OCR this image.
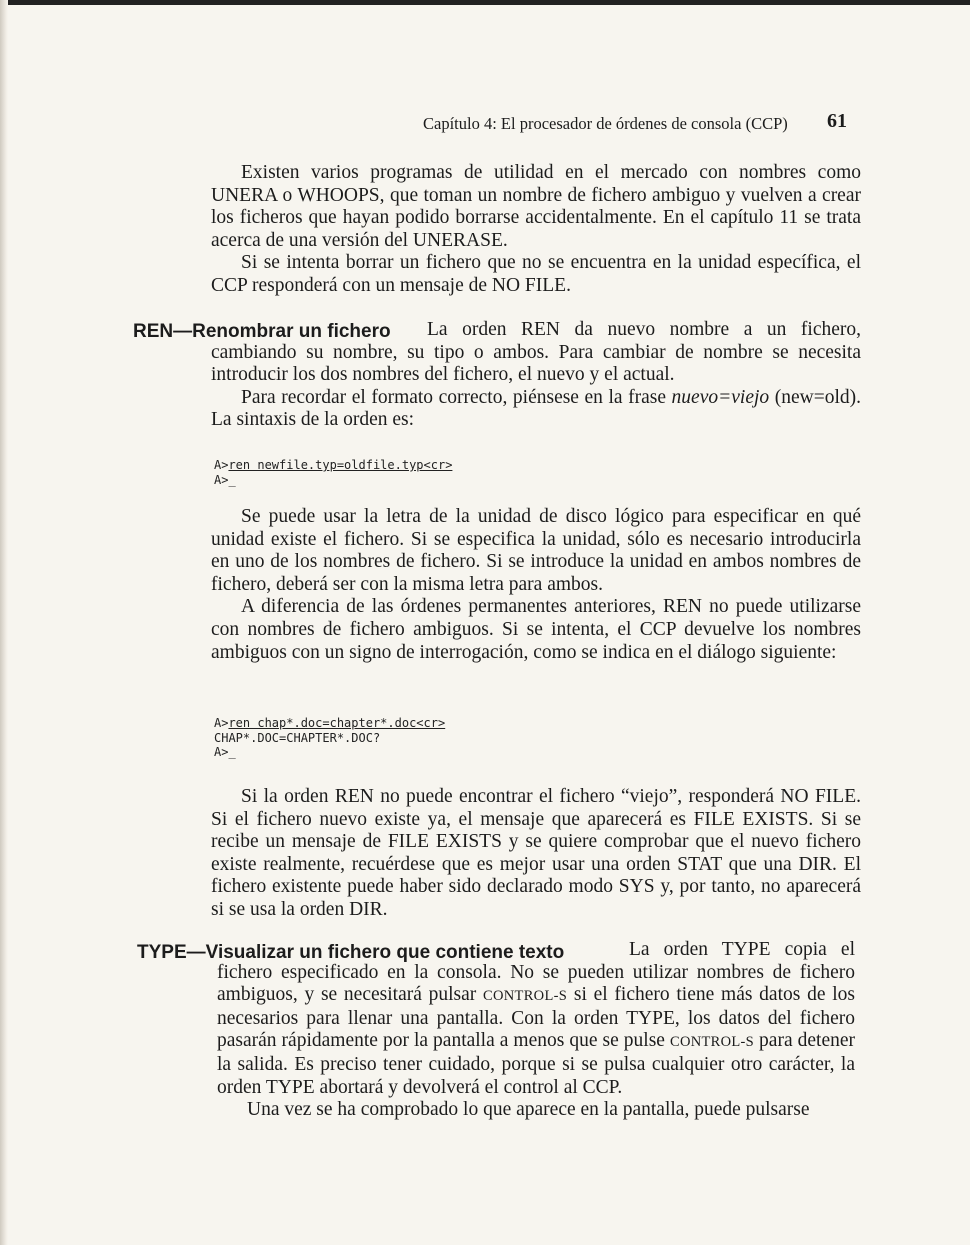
Capítulo 4: El procesador de órdenes de consola (CCP) 61

Existen varios programas de utilidad en el mercado con nombres como UNERA o WHOOPS, que toman un nombre de fichero ambiguo y vuelven a crear los ficheros que hayan podido borrarse accidentalmente. En el capítulo 11 se trata acerca de una versión del UNERASE.

Si se intenta borrar un fichero que no se encuentra en la unidad específica, el CCP responderá con un mensaje de NO FILE.

REN—Renombrar un fichero	La orden REN da nuevo nombre a un fichero, cambiando su nombre, su tipo o ambos. Para cambiar de nombre se necesita introducir los dos nombres del fichero, el nuevo y el actual.

Para recordar el formato correcto, piénsese en la frase nuevo=viejo (new=old). La sintaxis de la orden es:

A>ren newfile.typ=oldfile.typ<cr>
A>_

Se puede usar la letra de la unidad de disco lógico para especificar en qué unidad existe el fichero. Si se especifica la unidad, sólo es necesario introducirla en uno de los nombres de fichero. Si se introduce la unidad en ambos nombres de fichero, deberá ser con la misma letra para ambos.

A diferencia de las órdenes permanentes anteriores, REN no puede utilizarse con nombres de fichero ambiguos. Si se intenta, el CCP devuelve los nombres ambiguos con un signo de interrogación, como se indica en el diálogo siguiente:

A>ren chap*.doc=chapter*.doc<cr>
CHAP*.DOC=CHAPTER*.DOC?
A>_

Si la orden REN no puede encontrar el fichero “viejo”, responderá NO FILE. Si el fichero nuevo existe ya, el mensaje que aparecerá es FILE EXISTS. Si se recibe un mensaje de FILE EXISTS y se quiere comprobar que el nuevo fichero existe realmente, recuérdese que es mejor usar una orden STAT que una DIR. El fichero existente puede haber sido declarado modo SYS y, por tanto, no aparecerá si se usa la orden DIR.

TYPE—Visualizar un fichero que contiene texto	La orden TYPE copia el fichero especificado en la consola. No se pueden utilizar nombres de fichero ambiguos, y se necesitará pulsar CONTROL-S si el fichero tiene más datos de los necesarios para llenar una pantalla. Con la orden TYPE, los datos del fichero pasarán rápidamente por la pantalla a menos que se pulse CONTROL-S para detener la salida. Es preciso tener cuidado, porque si se pulsa cualquier otro carácter, la orden TYPE abortará y devolverá el control al CCP.

Una vez se ha comprobado lo que aparece en la pantalla, puede pulsarse
